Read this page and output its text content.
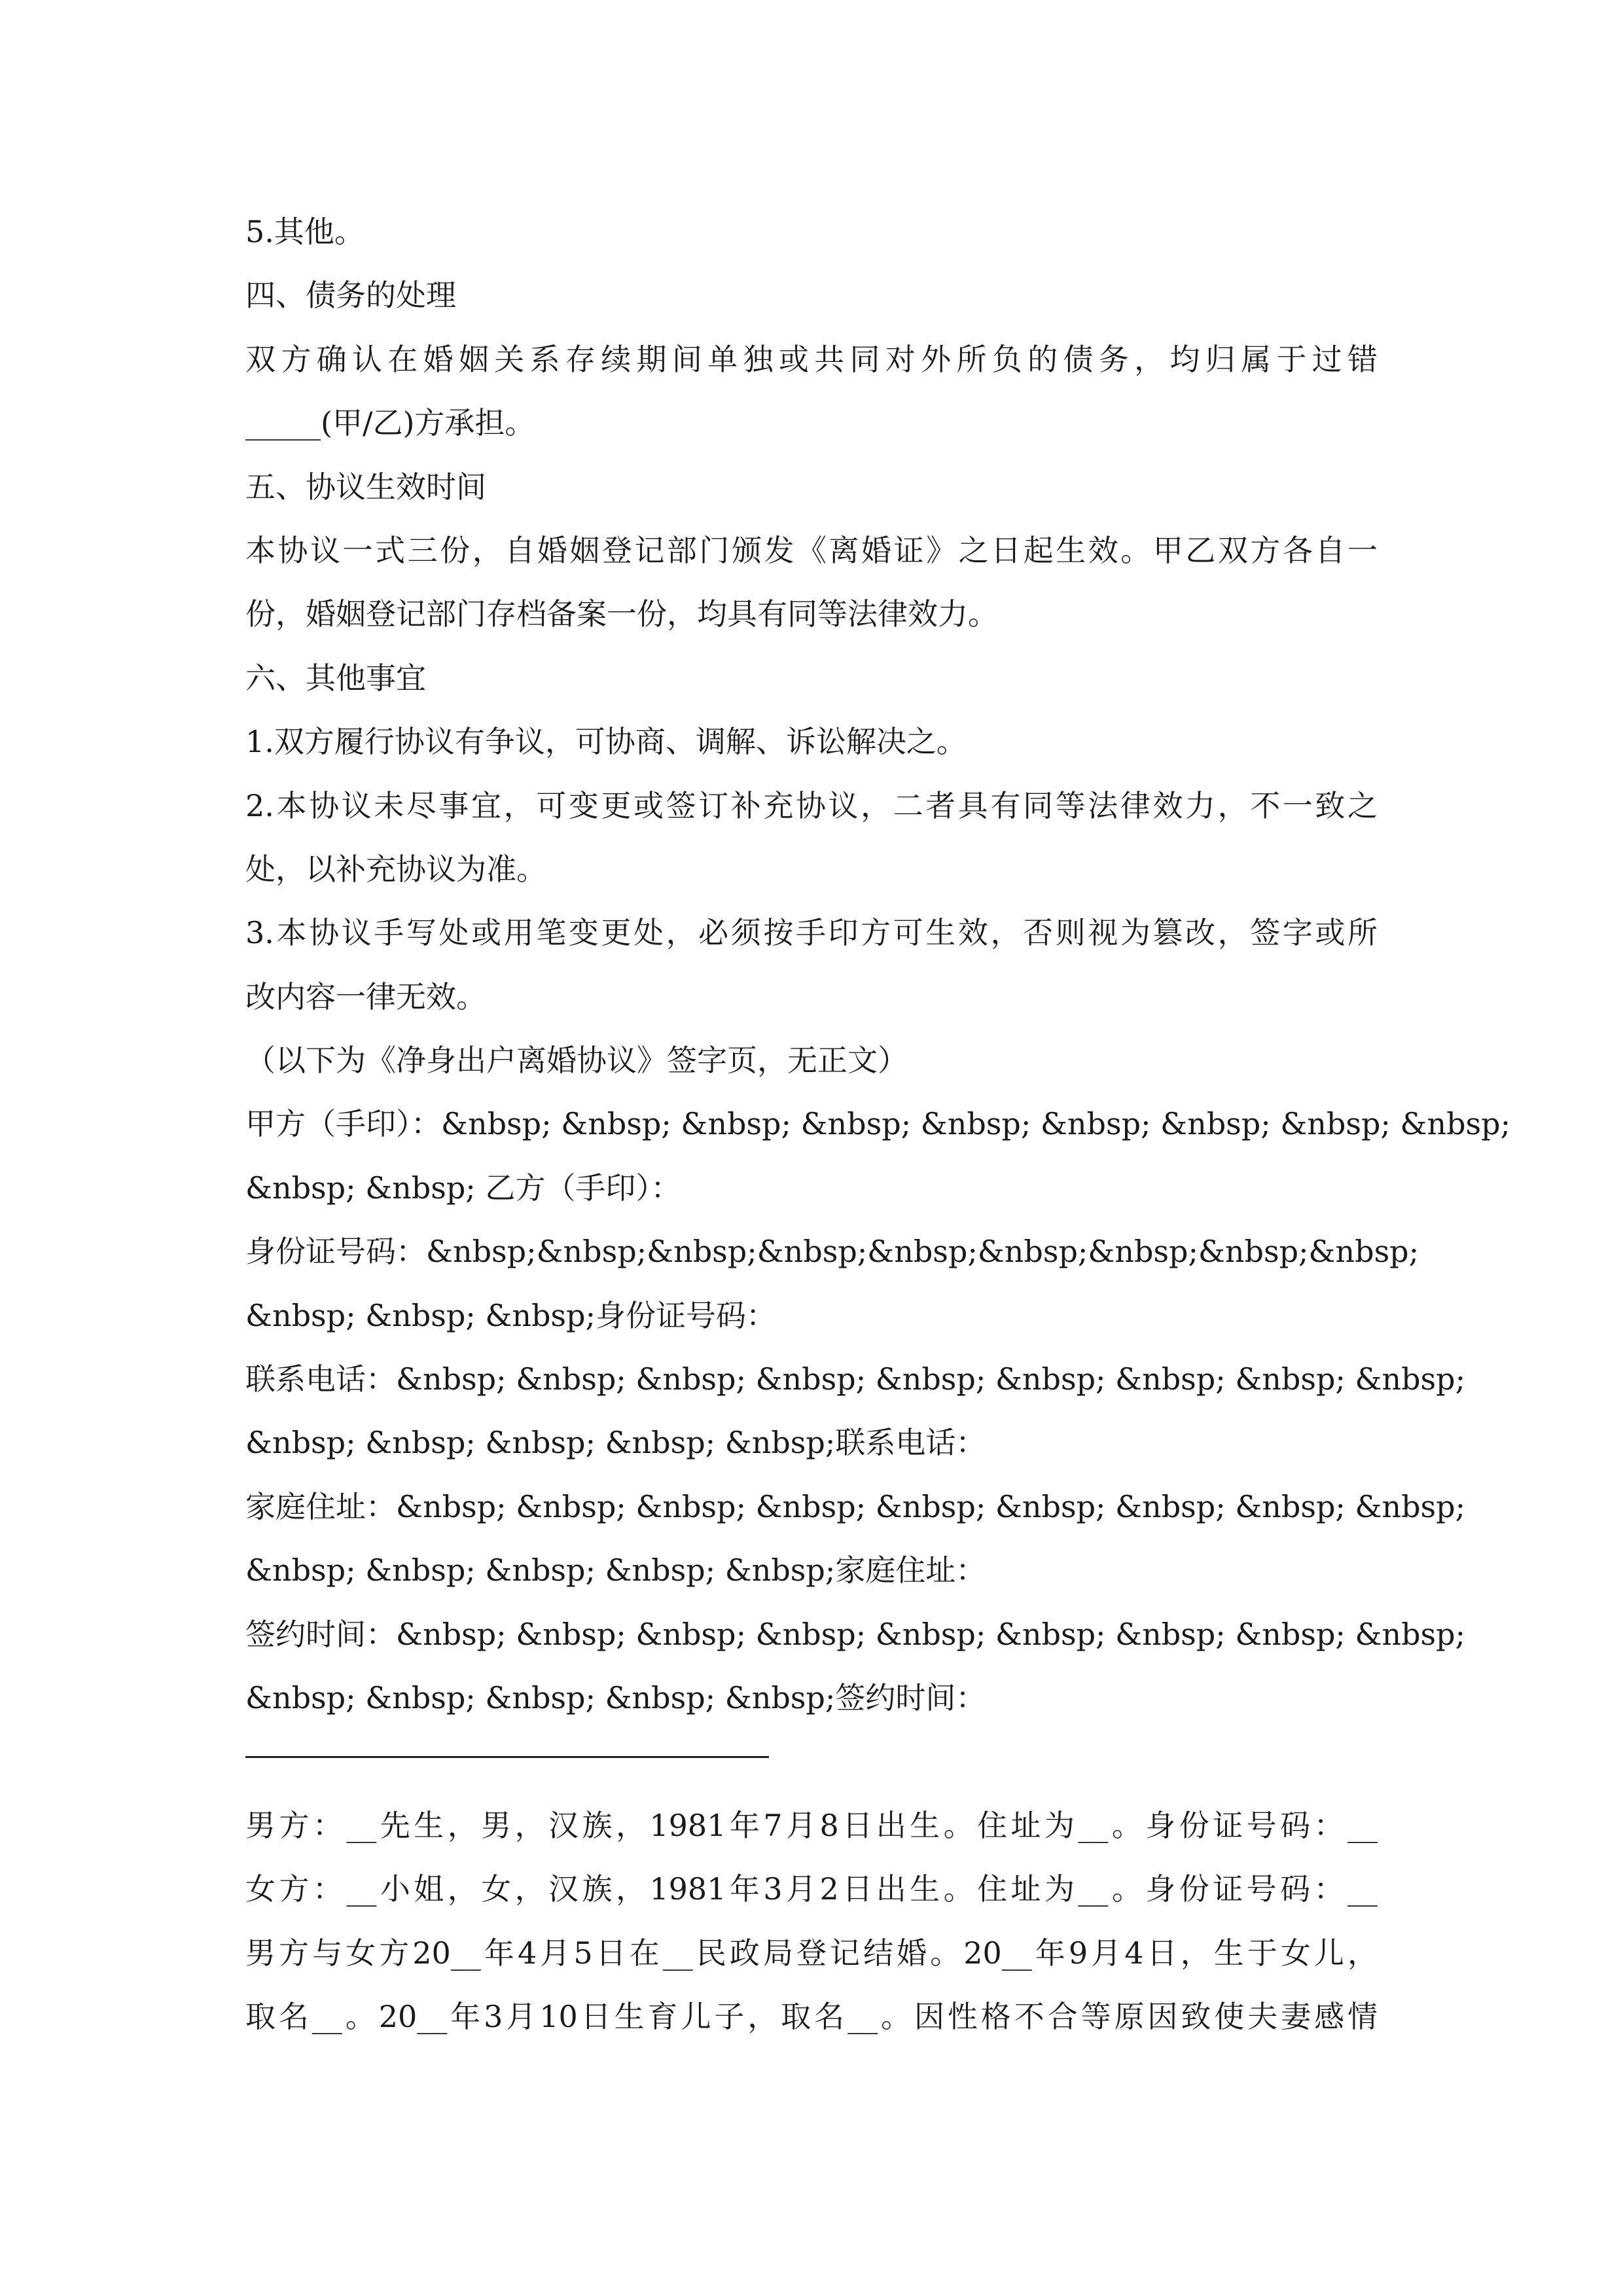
5.其他。
四、债务的处理
双方确认在婚姻关系存续期间单独或共同对外所负的债务，均归属于过错
_____(甲/乙)方承担。
五、协议生效时间
本协议一式三份，自婚姻登记部门颁发《离婚证》之日起生效。甲乙双方各自一
份，婚姻登记部门存档备案一份，均具有同等法律效力。
六、其他事宜
1.双方履行协议有争议，可协商、调解、诉讼解决之。
2.本协议未尽事宜，可变更或签订补充协议，二者具有同等法律效力，不一致之
处，以补充协议为准。
3.本协议手写处或用笔变更处，必须按手印方可生效，否则视为篡改，签字或所
改内容一律无效。
（以下为《净身出户离婚协议》签字页，无正文）
甲方（手印）：&nbsp; &nbsp; &nbsp; &nbsp; &nbsp; &nbsp; &nbsp; &nbsp; &nbsp;
&nbsp; &nbsp; 乙方（手印）：
身份证号码：&nbsp;&nbsp;&nbsp;&nbsp;&nbsp;&nbsp;&nbsp;&nbsp;&nbsp;
&nbsp; &nbsp; &nbsp;身份证号码：
联系电话：&nbsp; &nbsp; &nbsp; &nbsp; &nbsp; &nbsp; &nbsp; &nbsp; &nbsp;
&nbsp; &nbsp; &nbsp; &nbsp; &nbsp;联系电话：
家庭住址：&nbsp; &nbsp; &nbsp; &nbsp; &nbsp; &nbsp; &nbsp; &nbsp; &nbsp;
&nbsp; &nbsp; &nbsp; &nbsp; &nbsp;家庭住址：
签约时间：&nbsp; &nbsp; &nbsp; &nbsp; &nbsp; &nbsp; &nbsp; &nbsp; &nbsp;
&nbsp; &nbsp; &nbsp; &nbsp; &nbsp;签约时间：
男方：__先生，男，汉族，1981年7月8日出生。住址为__。身份证号码：__
女方：__小姐，女，汉族，1981年3月2日出生。住址为__。身份证号码：__
男方与女方20__年4月5日在__民政局登记结婚。20__年9月4日，生于女儿，
取名__。20__年3月10日生育儿子，取名__。因性格不合等原因致使夫妻感情
